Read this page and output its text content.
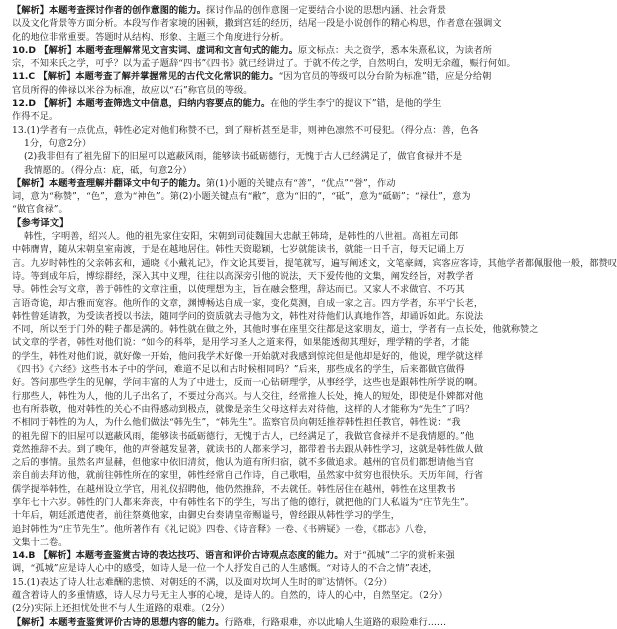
【解析】本题考查探讨作者的创作意图的能力。探讨作品的创作意图一定要结合小说的思想内涵、社会背景
以及文化背景等方面分析。本段写作者家境的困顿，撒到宫廷的经历，结尾一段是小说创作的精心构思，作者意在强调文
化的地位非常重要。答题时从结构、形象、主题三个角度进行分析。
10.D 【解析】本题考查理解常见文言实词、虚词和文言句式的能力。原文标点：夫之资学，悉本朱熹私议，为读者所
宗，不知来氏之学，可乎？以为孟子题辞“四书”《四书》就已经讲过了。于就不传之学，自然明白，发明无余蕴，赈行何如。
11.C 【解析】本题考查了解并掌握常见的古代文化常识的能力。“因为官员的等级可以分台阶为标准”错，应是分给朝
官员所得的俸禄以米谷为标准，故应以“石”称官员的等级。
12.D 【解析】本题考查筛选文中信息，归纳内容要点的能力。在他的学生李宁的提议下”错，是他的学生
作得不足。
13.(1)学者有一点优点，韩性必定对他们称赞不已，到了辩析甚至是非，则神色凛然不可侵犯。（得分点：善，色各
1分，句意2分）
(2)我非但有了祖先留下的旧屋可以遮蔽风雨，能够读书砥砺德行，无愧于古人已经满足了，做官食禄并不是
我情愿的。（得分点：庇，砥，句意2分）
【解析】本题考查理解并翻译文中句子的能力。第(1)小题的关键点有“善”，“优点”“誉”，作动
词，意为“称赞”，“色”，意为“神色”。第(2)小题关键点有“敝”，意为“旧的”，“砥”，意为“砥砺”；“禄仕”，意为
“做官食禄”。
【参考译文】
韩性，字明善，绍兴人。他的祖先家住安阳，宋朝到司徒魏国大忠献王韩琦，是韩性的八世祖。高祖左司郎
中韩膺胄，随从宋朝皇室南渡，于是在越地居住。韩性天资聪颖，七岁就能读书，就能一日千言，每天记诵上万
言。九岁时韩性的父亲韩玄和，通晓《小戴礼记》，作文论其要旨，提笔就写，遍写阐述文，文笔豪阔，宾客应客诗，其他学者都佩服他一般，都赞叹
诗。等到成年后，博综群经，深入其中义理，往往以高深旁引他的说法，天下爱传他的文集，阐发经旨，对教学者
导。韩性会写文章，善于韩性的文章注重，以使理想为主，旨在融会整理，辞达而已。又家人不求做官、不巧其
言语奇诡，却古雅而宽容。他所作的文章，渊博畅达自成一家，变化莫测，自成一家之言。四方学者，东平宁长老，
韩性曾延请教，为受读者授以书法，随同学问的资质就去寻他为文，韩性对待他们认真地作答，却诵诉如此。东说法
不同，所以至于门外的鞋子都是满的。韩性就在做之外，其他时事在座里交往都是这家朋友，道士，学者有一点长处，他就称赞之
试文章的学者，韩性对他们说：“如今的科举，是用学习圣人之道来得，如果能透彻其理好，理学精的学者，才能
的学生，韩性对他们说，就好像一开始，他问我学术好像一开始就对我感到惊诧但是他却是好的，他说，理学就这样
《四书》《六经》这些书本子中的学问，难道不足以和古时候相同吗？”后来，那些成名的学生，后来都做官做得
好。答问那些学生的见解，学问丰富的人为了中进士，反而一心钻研理学，从事经学，这些也是跟韩性所学说的啊。
行那些人，韩性为人，他的儿子出名了，不要过分高兴。与人交往，经常推人长处，掩人的短处，即使是仆婢都对他
也有所恭敬，他对韩性的关心不由得感动到极点，就像是亲生父母这样去对待他，这样的人才能称为“先生”了吗？
不相同于韩性的为人，为什么他们做法“韩先生”，“韩先生”。监察官员向朝廷推荐韩性担任教官，韩性说：“我
的祖先留下的旧屋可以遮蔽风雨，能够读书砥砺德行，无愧于古人，已经满足了，我做官食禄并不是我情愿的。”他
竟然推辞不去。到了晚年，他的声誉越发显著，就读书的人都来学习，都带着书去跟从韩性学习，这就是韩性做人做
之后的事情。虽然名声显赫，但他家中依旧清贫，他认为道有所归宿，就不多做追求。越州的官员们都想请他当官
亲自前去拜访他，就前往韩性所在的家里，韩性经常自己作诗，自己歌唱，虽然家中贫穷也很快乐。天历年间，行省
儒学提举韩性，在越州设立学官，用礼仪招聘他，他仍然推辞，不去就任。韩性居住在越州，韩性在这里教书
享年七十六岁。韩性的门人都来奔丧，中有韩性名下的学生，写出了他的德行，就把他的门人私谥为“庄节先生”。
十年后，朝廷派遣使者，前往祭奠他家，由御史台奏请皇帝赐谥号，曾经跟从韩性学习的学生，
追封韩性为“庄节先生”。他所著作有《礼记说》四卷、《诗音释》一卷、《书辨疑》一卷，《郡志》八卷，
文集十二卷。
14.B 【解析】本题考查鉴赏古诗的表达技巧、语言和评价古诗观点态度的能力。对于“孤城”二字的赏析来强
调，“孤城”应是诗人心中的感受，如诗人是一位一个人抒发自己的人生感慨。“对诗人的不合之情”表述，
15.(1)表达了诗人壮志难酬的悲愤、对朝廷的不满，以及面对坎坷人生时的旷达情怀。（2分）
蕴含着诗人的多重情感，诗人尽力号无主人事的心境，是诗人的。自然的，诗人的心中，自然坚定。（2分）
(2分)实际上还担忧处世不与人生道路的艰难。（2分）
【解析】本题考查鉴赏评价古诗的思想内容的能力。行路难，行路艰难，亦以此喻人生道路的艰险难行……
